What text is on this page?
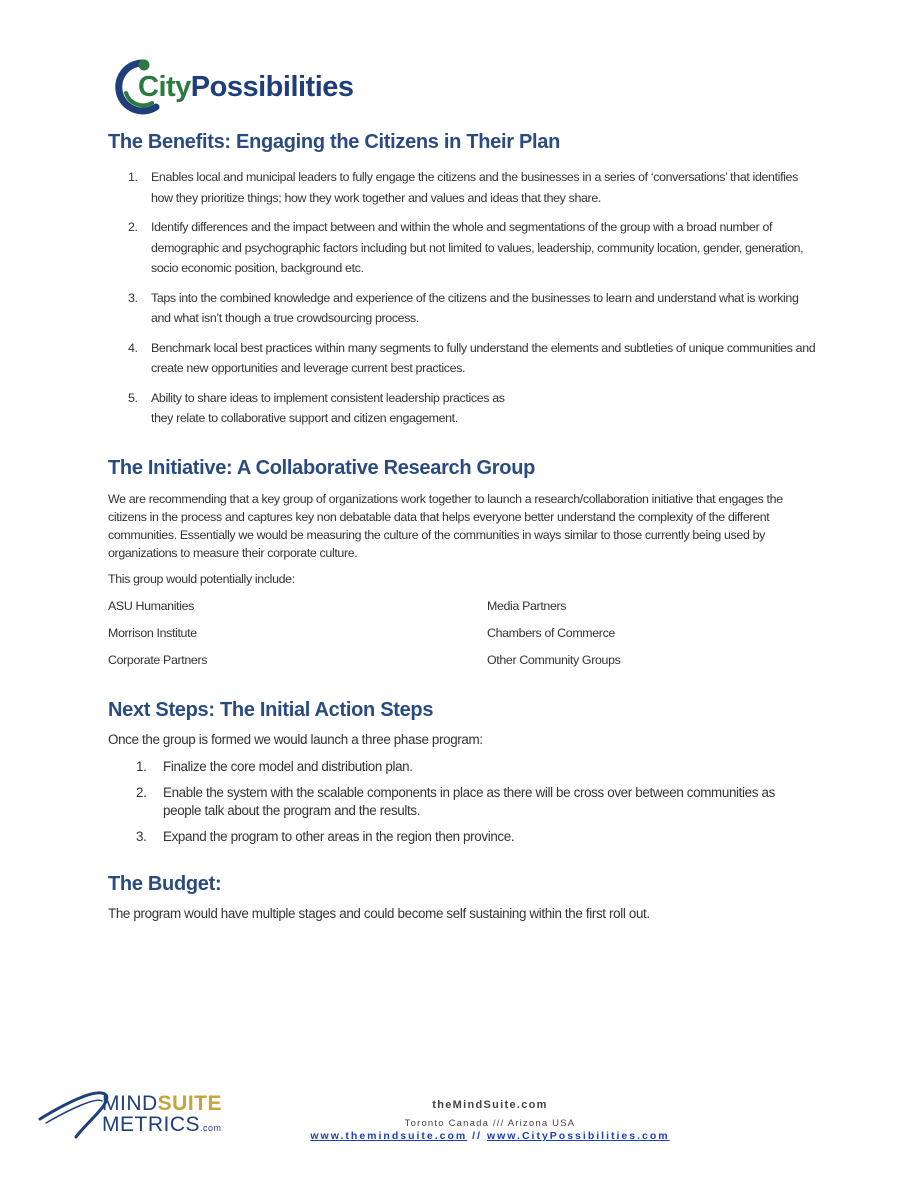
CityPossibilities
The Benefits: Engaging the Citizens in Their Plan
1. Enables local and municipal leaders to fully engage the citizens and the businesses in a series of ‘conversations’ that identifies how they prioritize things; how they work together and values and ideas that they share.
2. Identify differences and the impact between and within the whole and segmentations of the group with a broad number of demographic and psychographic factors including but not limited to values, leadership, community location, gender, generation, socio economic position, background etc.
3. Taps into the combined knowledge and experience of the citizens and the businesses to learn and understand what is working and what isn’t though a true crowdsourcing process.
4. Benchmark local best practices within many segments to fully understand the elements and subtleties of unique communities and create new opportunities and leverage current best practices.
5. Ability to share ideas to implement consistent leadership practices as
they relate to collaborative support and citizen engagement.
The Initiative: A Collaborative Research Group

We are recommending that a key group of organizations work together to launch a research/collaboration initiative that engages the citizens in the process and captures key non debatable data that helps everyone better understand the complexity of the different communities. Essentially we would be measuring the culture of the communities in ways similar to those currently being used by organizations to measure their corporate culture.

This group would potentially include:
ASU Humanities
Morrison Institute
Corporate Partners
Media Partners
Chambers of Commerce
Other Community Groups
Next Steps: The Initial Action Steps
Once the group is formed we would launch a three phase program:
1. Finalize the core model and distribution plan.
2. Enable the system with the scalable components in place as there will be cross over between communities as people talk about the program and the results.
3. Expand the program to other areas in the region then province.
The Budget:
The program would have multiple stages and could become self sustaining within the first roll out.
MINDSUITE
METRICS.com
theMindSuite.com
Toronto Canada /// Arizona USA
www.themindsuite.com // www.CityPossibilities.com
